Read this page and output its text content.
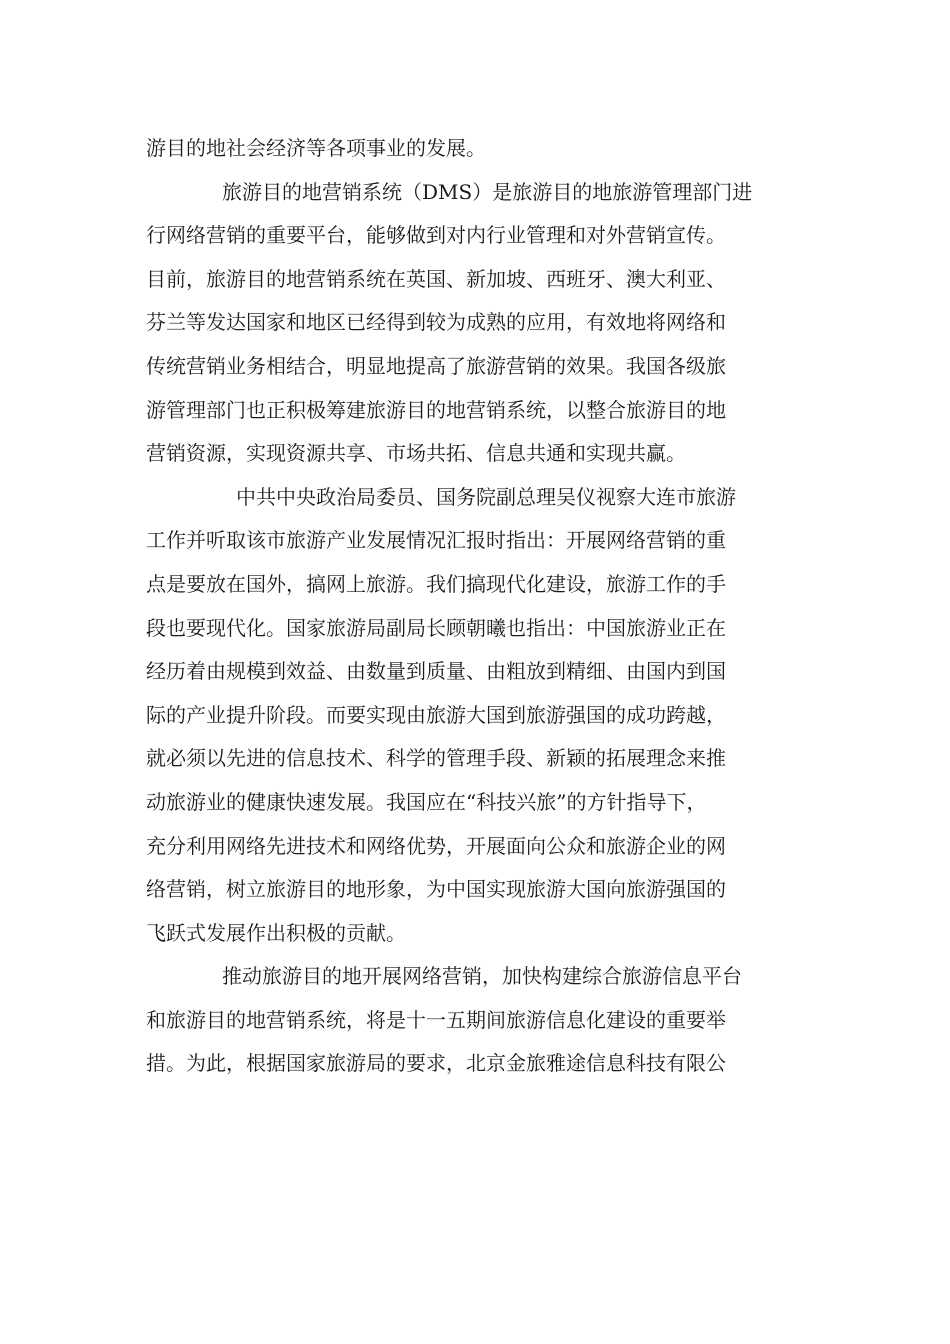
游目的地社会经济等各项事业的发展。
旅游目的地营销系统（DMS）是旅游目的地旅游管理部门进
行网络营销的重要平台，能够做到对内行业管理和对外营销宣传。
目前，旅游目的地营销系统在英国、新加坡、西班牙、澳大利亚、
芬兰等发达国家和地区已经得到较为成熟的应用，有效地将网络和
传统营销业务相结合，明显地提高了旅游营销的效果。我国各级旅
游管理部门也正积极筹建旅游目的地营销系统，以整合旅游目的地
营销资源，实现资源共享、市场共拓、信息共通和实现共赢。
中共中央政治局委员、国务院副总理吴仪视察大连市旅游
工作并听取该市旅游产业发展情况汇报时指出：开展网络营销的重
点是要放在国外，搞网上旅游。我们搞现代化建设，旅游工作的手
段也要现代化。国家旅游局副局长顾朝曦也指出：中国旅游业正在
经历着由规模到效益、由数量到质量、由粗放到精细、由国内到国
际的产业提升阶段。而要实现由旅游大国到旅游强国的成功跨越，
就必须以先进的信息技术、科学的管理手段、新颖的拓展理念来推
动旅游业的健康快速发展。我国应在“科技兴旅”的方针指导下，
充分利用网络先进技术和网络优势，开展面向公众和旅游企业的网
络营销，树立旅游目的地形象，为中国实现旅游大国向旅游强国的
飞跃式发展作出积极的贡献。
推动旅游目的地开展网络营销，加快构建综合旅游信息平台
和旅游目的地营销系统，将是十一五期间旅游信息化建设的重要举
措。为此，根据国家旅游局的要求，北京金旅雅途信息科技有限公
